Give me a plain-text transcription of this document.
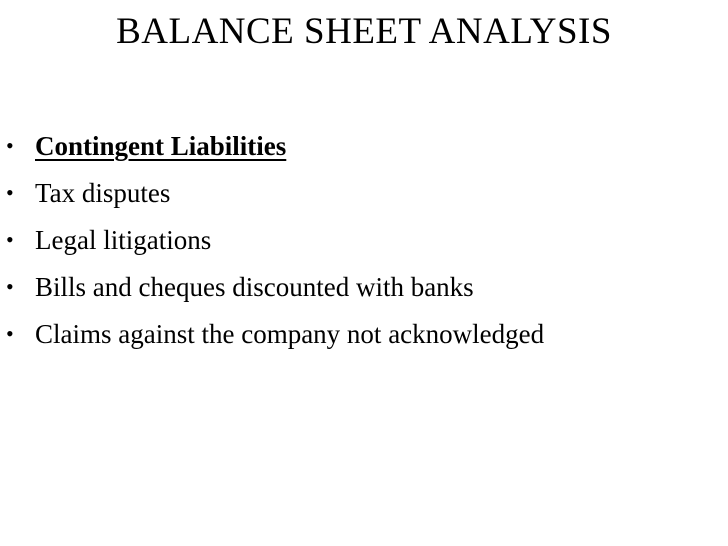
BALANCE SHEET ANALYSIS
• Contingent Liabilities
• Tax disputes
• Legal litigations
• Bills and cheques discounted with banks
• Claims against the company not acknowledged
